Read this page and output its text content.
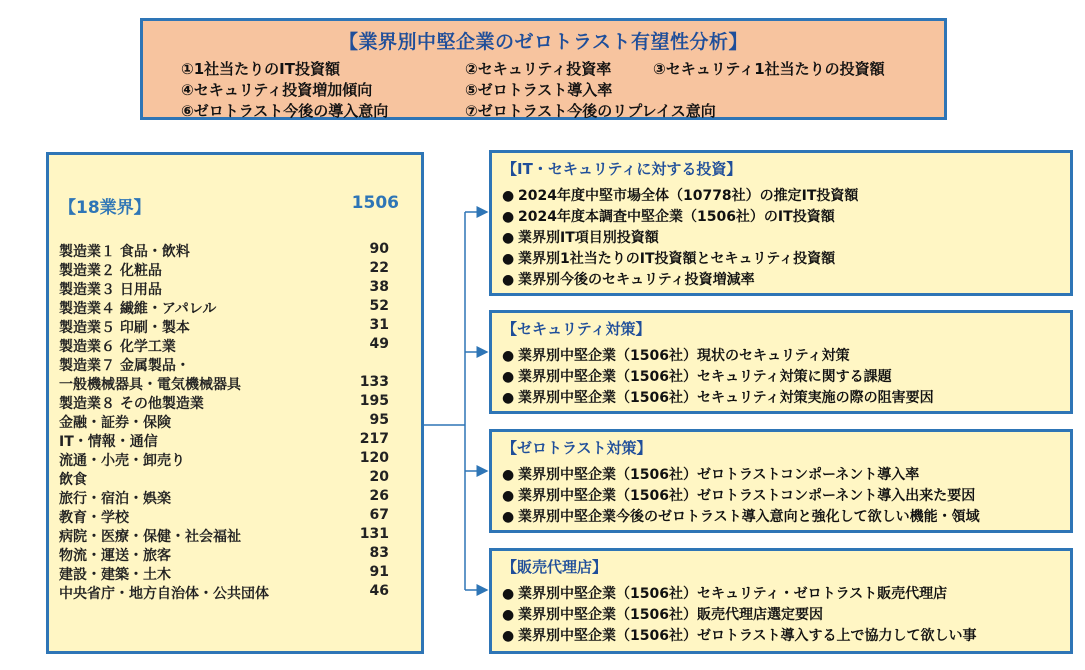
【業界別中堅企業のゼロトラスト有望性分析】
①1社当たりのIT投資額	②セキュリティ投資率	③セキュリティ1社当たりの投資額
④セキュリティ投資増加傾向	⑤ゼロトラスト導入率
⑥ゼロトラスト今後の導入意向	⑦ゼロトラスト今後のリプレイス意向
【18業界】	1506
製造業１ 食品・飲料	90
製造業２ 化粧品	22
製造業３ 日用品	38
製造業４ 繊維・アパレル	52
製造業５ 印刷・製本	31
製造業６ 化学工業	49
製造業７ 金属製品・
一般機械器具・電気機械器具	133
製造業８ その他製造業	195
金融・証券・保険	95
IT・情報・通信	217
流通・小売・卸売り	120
飲食	20
旅行・宿泊・娯楽	26
教育・学校	67
病院・医療・保健・社会福祉	131
物流・運送・旅客	83
建設・建築・土木	91
中央省庁・地方自治体・公共団体	46
【IT・セキュリティに対する投資】
● 2024年度中堅市場全体（10778社）の推定IT投資額
● 2024年度本調査中堅企業（1506社）のIT投資額
● 業界別IT項目別投資額
● 業界別1社当たりのIT投資額とセキュリティ投資額
● 業界別今後のセキュリティ投資増減率
【セキュリティ対策】
● 業界別中堅企業（1506社）現状のセキュリティ対策
● 業界別中堅企業（1506社）セキュリティ対策に関する課題
● 業界別中堅企業（1506社）セキュリティ対策実施の際の阻害要因
【ゼロトラスト対策】
● 業界別中堅企業（1506社）ゼロトラストコンポーネント導入率
● 業界別中堅企業（1506社）ゼロトラストコンポーネント導入出来た要因
● 業界別中堅企業今後のゼロトラスト導入意向と強化して欲しい機能・領域
【販売代理店】
● 業界別中堅企業（1506社）セキュリティ・ゼロトラスト販売代理店
● 業界別中堅企業（1506社）販売代理店選定要因
● 業界別中堅企業（1506社）ゼロトラスト導入する上で協力して欲しい事
